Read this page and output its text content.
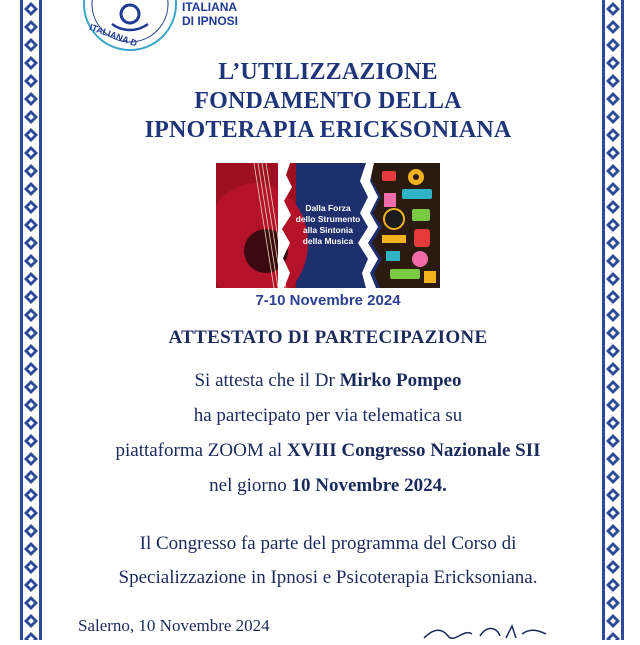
ITALIANA D
ITALIANA
DI IPNOSI
L’UTILIZZAZIONE
FONDAMENTO DELLA
IPNOTERAPIA ERICKSONIANA
Dalla Forza
dello Strumento
alla Sintonia
della Musica
7-10 Novembre 2024
ATTESTATO DI PARTECIPAZIONE
Si attesta che il Dr Mirko Pompeo
ha partecipato per via telematica su
piattaforma ZOOM al XVIII Congresso Nazionale SII
nel giorno 10 Novembre 2024.
Il Congresso fa parte del programma del Corso di
Specializzazione in Ipnosi e Psicoterapia Ericksoniana.
Salerno, 10 Novembre 2024
